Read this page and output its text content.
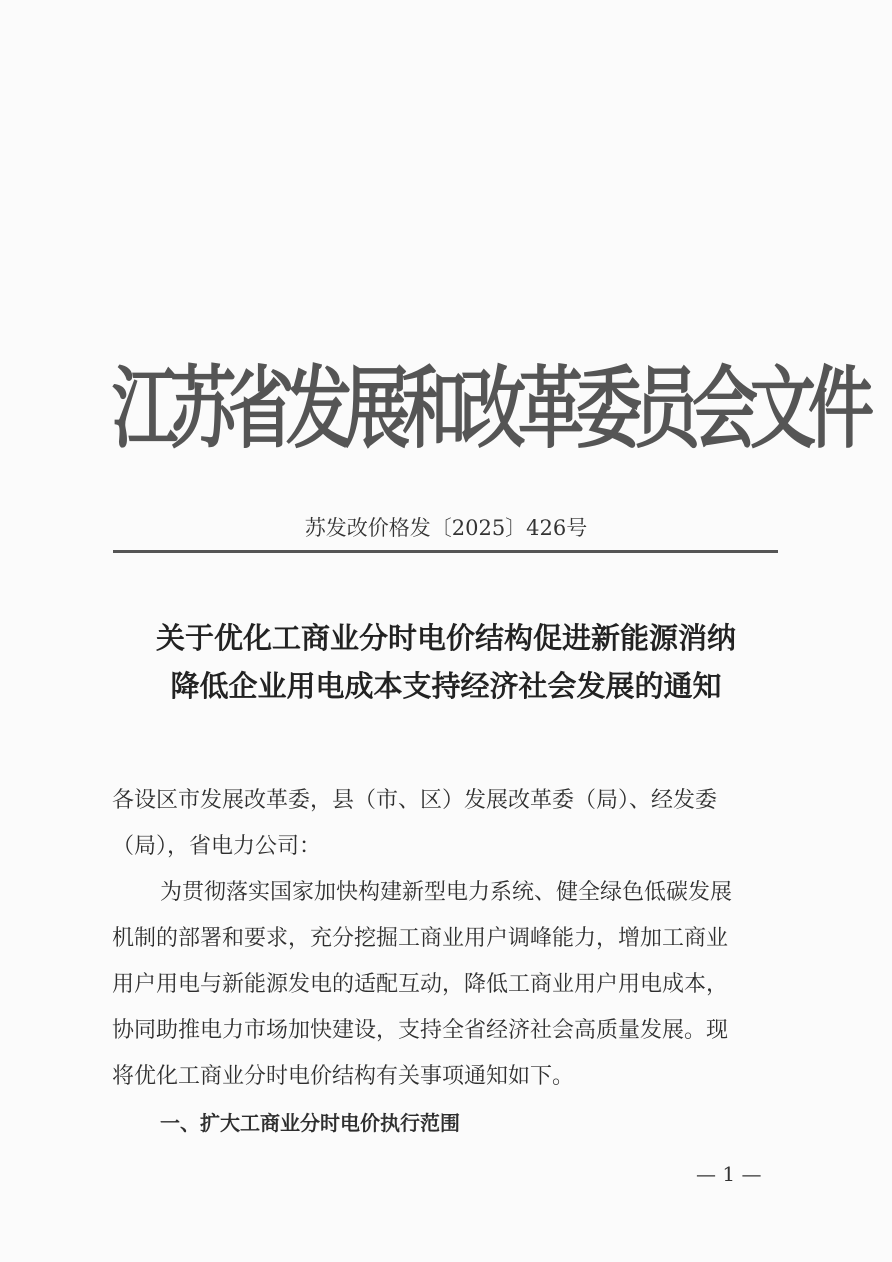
江苏省发展和改革委员会文件
苏发改价格发〔2025〕426号
关于优化工商业分时电价结构促进新能源消纳
降低企业用电成本支持经济社会发展的通知
各设区市发展改革委，县（市、区）发展改革委（局）、经发委
（局），省电力公司：
为贯彻落实国家加快构建新型电力系统、健全绿色低碳发展
机制的部署和要求，充分挖掘工商业用户调峰能力，增加工商业
用户用电与新能源发电的适配互动，降低工商业用户用电成本，
协同助推电力市场加快建设，支持全省经济社会高质量发展。现
将优化工商业分时电价结构有关事项通知如下。
一、扩大工商业分时电价执行范围
— 1 —
